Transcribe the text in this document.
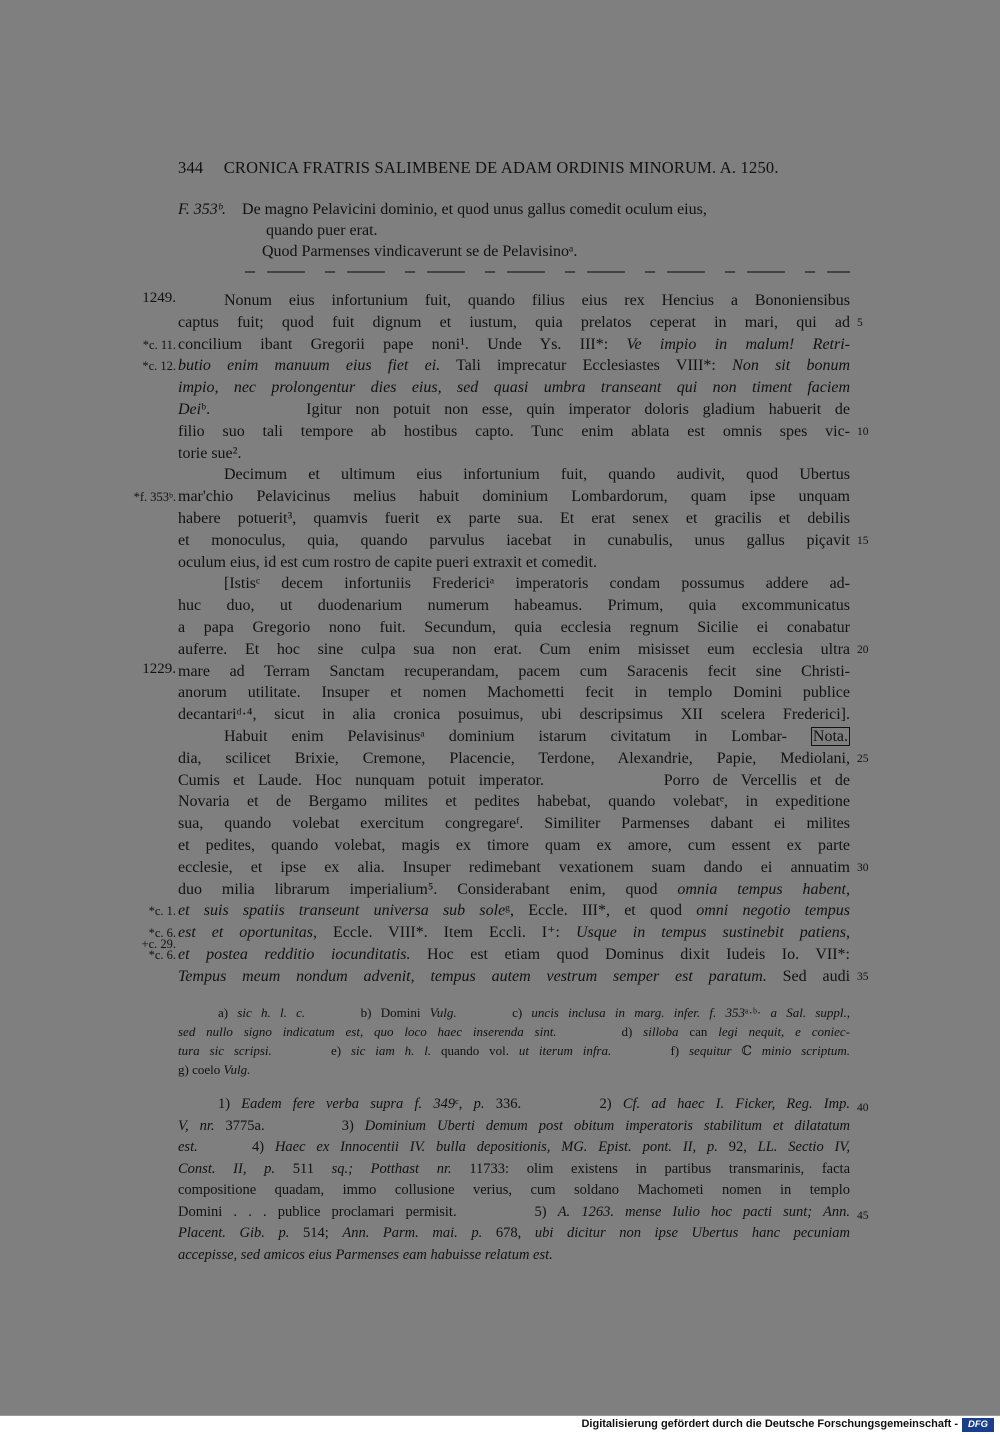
344 CRONICA FRATRIS SALIMBENE DE ADAM ORDINIS MINORUM. A. 1250.
F. 353ᵇ. De magno Pelavicini dominio, et quod unus gallus comedit oculum eius,
quando puer erat.
Quod Parmenses vindicaverunt se de Pelavisinoᵃ.
Nonum eius infortunium fuit, quando filius eius rex Hencius a Bononiensibus
captus fuit; quod fuit dignum et iustum, quia prelatos ceperat in mari, qui ad
concilium ibant Gregorii pape noni¹. Unde Ys. III*: Ve impio in malum! Retri-
butio enim manuum eius fiet ei. Tali imprecatur Ecclesiastes VIII*: Non sit bonum
impio, nec prolongentur dies eius, sed quasi umbra transeant qui non timent faciem
Deiᵇ.       Igitur non potuit non esse, quin imperator doloris gladium habuerit de
filio suo tali tempore ab hostibus capto. Tunc enim ablata est omnis spes vic-
torie sue².
Decimum et ultimum eius infortunium fuit, quando audivit, quod Ubertus
mar'chio Pelavicinus melius habuit dominium Lombardorum, quam ipse unquam
habere potuerit³, quamvis fuerit ex parte sua. Et erat senex et gracilis et debilis
et monoculus, quia, quando parvulus iacebat in cunabulis, unus gallus piçavit
oculum eius, id est cum rostro de capite pueri extraxit et comedit.
[Istisᶜ decem infortuniis Fredericiᵃ imperatoris condam possumus addere ad-
huc duo, ut duodenarium numerum habeamus. Primum, quia excommunicatus
a papa Gregorio nono fuit. Secundum, quia ecclesia regnum Sicilie ei conabatur
auferre. Et hoc sine culpa sua non erat. Cum enim misisset eum ecclesia ultra
mare ad Terram Sanctam recuperandam, pacem cum Saracenis fecit sine Christi-
anorum utilitate. Insuper et nomen Machometti fecit in templo Domini publice
decantariᵈ·⁴, sicut in alia cronica posuimus, ubi descripsimus XII scelera Frederici].
Habuit enim Pelavisinusᵃ dominium istarum civitatum in Lombar- Nota.
dia, scilicet Brixie, Cremone, Placencie, Terdone, Alexandrie, Papie, Mediolani,
Cumis et Laude. Hoc nunquam potuit imperator.         Porro de Vercellis et de
Novaria et de Bergamo milites et pedites habebat, quando volebatᵉ, in expeditione
sua, quando volebat exercitum congregareᶠ. Similiter Parmenses dabant ei milites
et pedites, quando volebat, magis ex timore quam ex amore, cum essent ex parte
ecclesie, et ipse ex alia. Insuper redimebant vexationem suam dando ei annuatim
duo milia librarum imperialium⁵. Considerabant enim, quod omnia tempus habent,
et suis spatiis transeunt universa sub soleᵍ, Eccle. III*, et quod omni negotio tempus
est et oportunitas, Eccle. VIII*. Item Eccli. I⁺: Usque in tempus sustinebit patiens,
et postea redditio iocunditatis. Hoc est etiam quod Dominus dixit Iudeis Io. VII*:
Tempus meum nondum advenit, tempus autem vestrum semper est paratum. Sed audi
1249.
*c. 11.
*c. 12.
*f. 353ᵇ.
1229.
*c. 1.
*c. 6.
+c. 29.
*c. 6.
5
10
15
20
25
30
35
a) sic h. l. c.      b) Domini Vulg.      c) uncis inclusa in marg. infer. f. 353ᵃ·ᵇ· a Sal. suppl.,
sed nullo signo indicatum est, quo loco haec inserenda sint.      d) silloba can legi nequit, e coniec-
tura sic scripsi.      e) sic iam h. l. quando vol. ut iterum infra.      f) sequitur ℂ minio scriptum.
g) coelo Vulg.
1) Eadem fere verba supra f. 349ᶜ, p. 336.       2) Cf. ad haec I. Ficker, Reg. Imp.
V, nr. 3775a.       3) Dominium Uberti demum post obitum imperatoris stabilitum et dilatatum
est.     4) Haec ex Innocentii IV. bulla depositionis, MG. Epist. pont. II, p. 92, LL. Sectio IV,
Const. II, p. 511 sq.; Potthast nr. 11733: olim existens in partibus transmarinis, facta
compositione quadam, immo collusione verius, cum soldano Machometi nomen in templo
Domini . . . publice proclamari permisit.       5) A. 1263. mense Iulio hoc pacti sunt; Ann.
Placent. Gib. p. 514; Ann. Parm. mai. p. 678, ubi dicitur non ipse Ubertus hanc pecuniam
accepisse, sed amicos eius Parmenses eam habuisse relatum est.
40
45
Digitalisierung gefördert durch die Deutsche Forschungsgemeinschaft -	DFG
